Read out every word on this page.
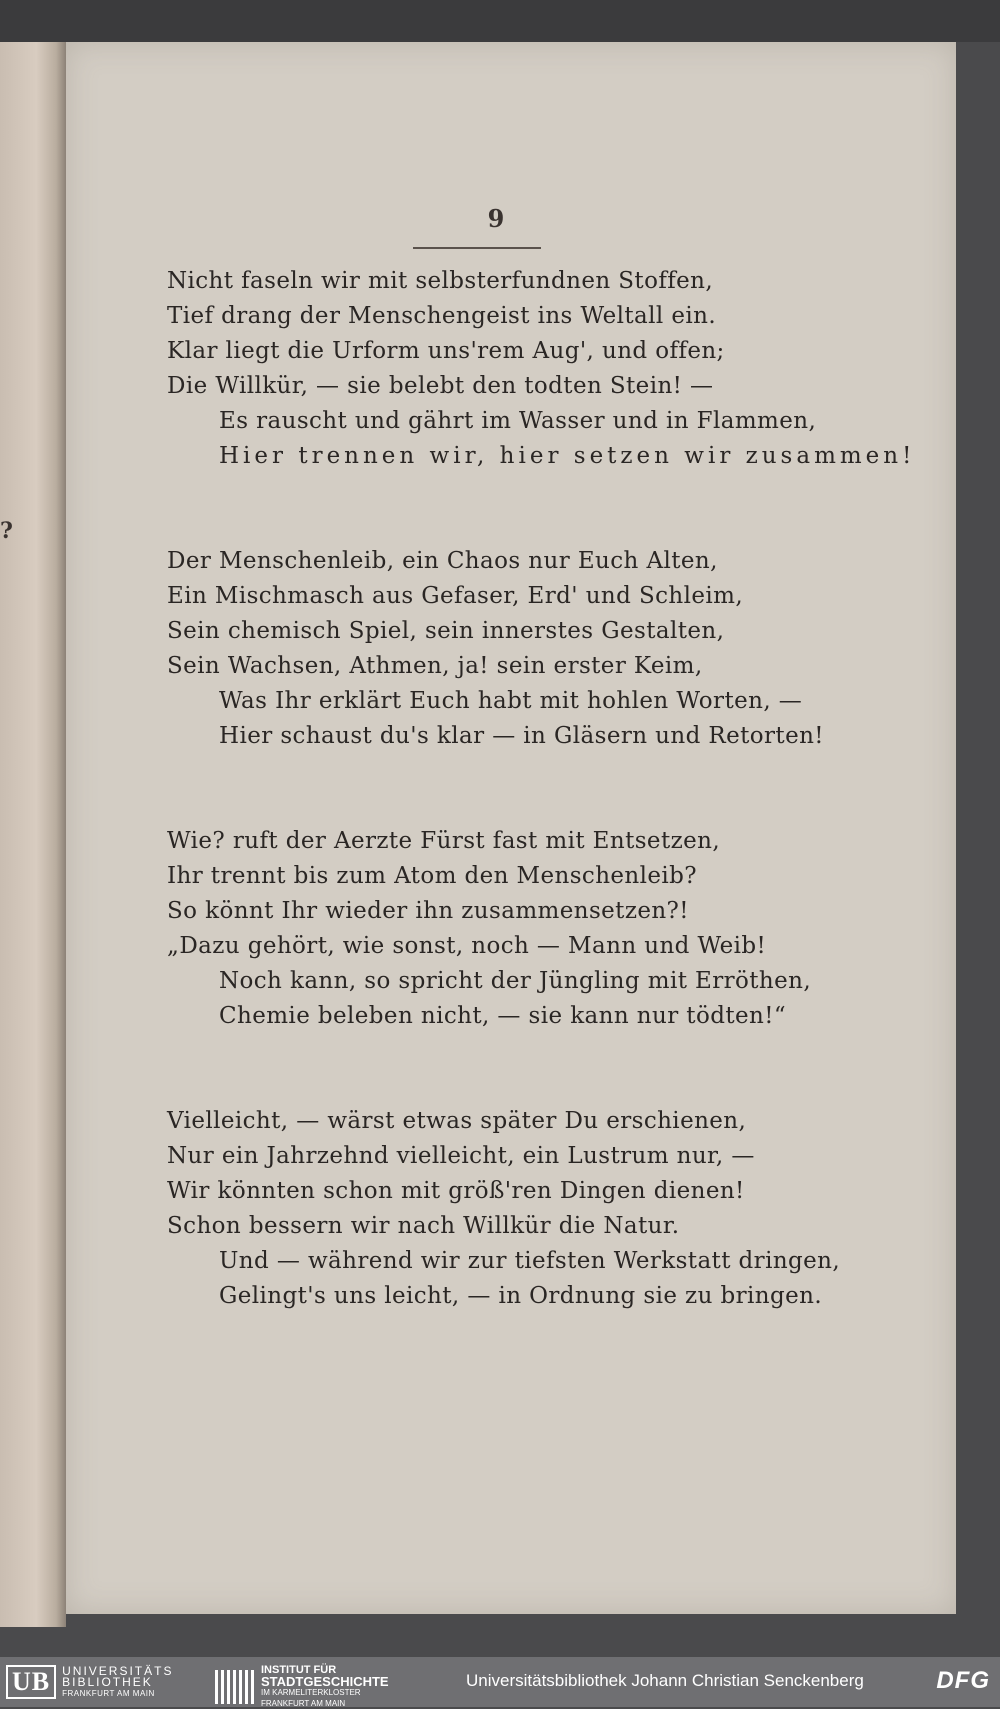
?
9
Nicht faseln wir mit selbsterfundnen Stoffen,
Tief drang der Menschengeist ins Weltall ein.
Klar liegt die Urform uns'rem Aug', und offen;
Die Willkür, — sie belebt den todten Stein! —
Es rauscht und gährt im Wasser und in Flammen,
Hier trennen wir, hier setzen wir zusammen!
Der Menschenleib, ein Chaos nur Euch Alten,
Ein Mischmasch aus Gefaser, Erd' und Schleim,
Sein chemisch Spiel, sein innerstes Gestalten,
Sein Wachsen, Athmen, ja! sein erster Keim,
Was Ihr erklärt Euch habt mit hohlen Worten, —
Hier schaust du's klar — in Gläsern und Retorten!
Wie? ruft der Aerzte Fürst fast mit Entsetzen,
Ihr trennt bis zum Atom den Menschenleib?
So könnt Ihr wieder ihn zusammensetzen?!
„Dazu gehört, wie sonst, noch — Mann und Weib!
Noch kann, so spricht der Jüngling mit Erröthen,
Chemie beleben nicht, — sie kann nur tödten!“
Vielleicht, — wärst etwas später Du erschienen,
Nur ein Jahrzehnd vielleicht, ein Lustrum nur, —
Wir könnten schon mit größ'ren Dingen dienen!
Schon bessern wir nach Willkür die Natur.
Und — während wir zur tiefsten Werkstatt dringen,
Gelingt's uns leicht, — in Ordnung sie zu bringen.
UB	UNIVERSITÄTS
BIBLIOTHEK
FRANKFURT AM MAIN
INSTITUT FÜR
STADTGESCHICHTE
IM KARMELITERKLOSTER
FRANKFURT AM MAIN
Universitätsbibliothek Johann Christian Senckenberg	DFG
